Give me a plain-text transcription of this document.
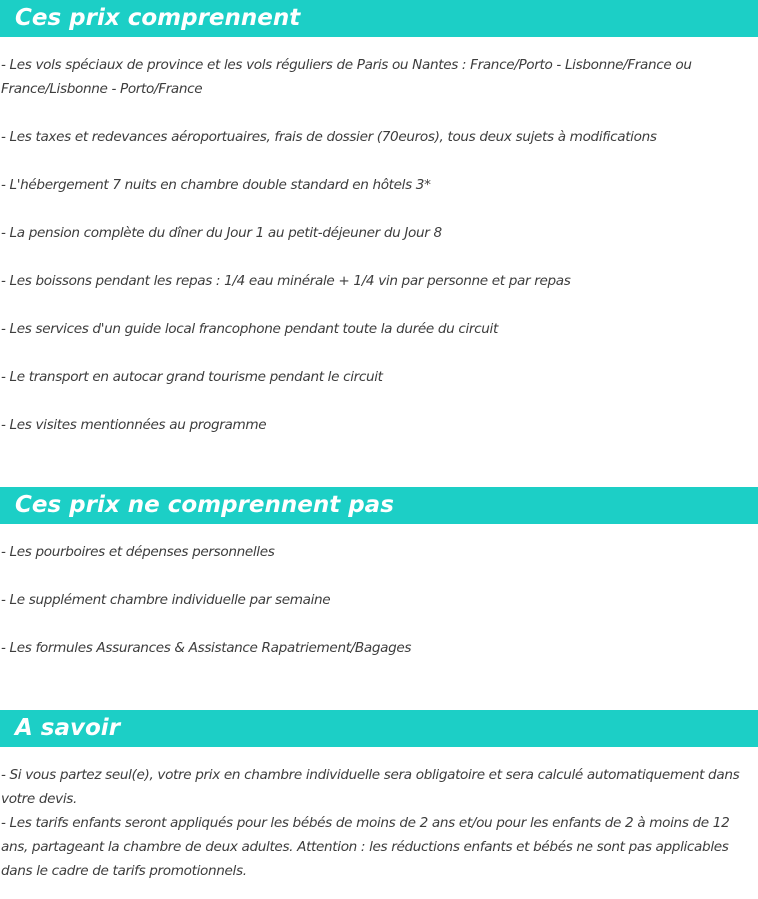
Ces prix comprennent
- Les vols spéciaux de province et les vols réguliers de Paris ou Nantes : France/Porto - Lisbonne/France ou France/Lisbonne - Porto/France
- Les taxes et redevances aéroportuaires, frais de dossier (70euros), tous deux sujets à modifications
- L'hébergement 7 nuits en chambre double standard en hôtels 3*
- La pension complète du dîner du Jour 1 au petit-déjeuner du Jour 8
- Les boissons pendant les repas : 1/4 eau minérale + 1/4 vin par personne et par repas
- Les services d'un guide local francophone pendant toute la durée du circuit
- Le transport en autocar grand tourisme pendant le circuit
- Les visites mentionnées au programme
Ces prix ne comprennent pas
- Les pourboires et dépenses personnelles
- Le supplément chambre individuelle par semaine
- Les formules Assurances & Assistance Rapatriement/Bagages
A savoir
- Si vous partez seul(e), votre prix en chambre individuelle sera obligatoire et sera calculé automatiquement dans votre devis.
- Les tarifs enfants seront appliqués pour les bébés de moins de 2 ans et/ou pour les enfants de 2 à moins de 12 ans, partageant la chambre de deux adultes. Attention : les réductions enfants et bébés ne sont pas applicables dans le cadre de tarifs promotionnels.
